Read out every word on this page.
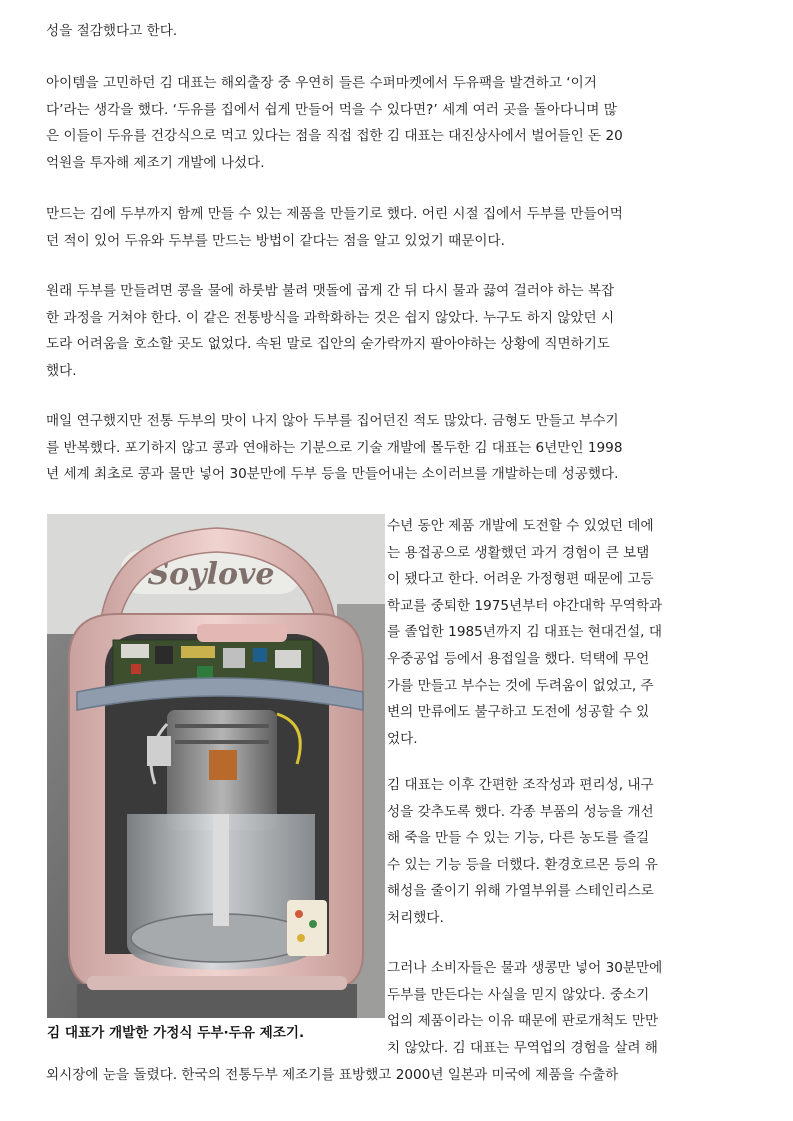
성을 절감했다고 한다.

아이템을 고민하던 김 대표는 해외출장 중 우연히 들른 수퍼마켓에서 두유팩을 발견하고 ‘이거
다’라는 생각을 했다. ‘두유를 집에서 쉽게 만들어 먹을 수 있다면?’ 세계 여러 곳을 돌아다니며 많
은 이들이 두유를 건강식으로 먹고 있다는 점을 직접 접한 김 대표는 대진상사에서 벌어들인 돈 20
억원을 투자해 제조기 개발에 나섰다.

만드는 김에 두부까지 함께 만들 수 있는 제품을 만들기로 했다. 어린 시절 집에서 두부를 만들어먹
던 적이 있어 두유와 두부를 만드는 방법이 같다는 점을 알고 있었기 때문이다.

원래 두부를 만들려면 콩을 물에 하룻밤 불려 맷돌에 곱게 간 뒤 다시 물과 끓여 걸러야 하는 복잡
한 과정을 거쳐야 한다. 이 같은 전통방식을 과학화하는 것은 쉽지 않았다. 누구도 하지 않았던 시
도라 어려움을 호소할 곳도 없었다. 속된 말로 집안의 숟가락까지 팔아야하는 상황에 직면하기도
했다.

매일 연구했지만 전통 두부의 맛이 나지 않아 두부를 집어던진 적도 많았다. 금형도 만들고 부수기
를 반복했다. 포기하지 않고 콩과 연애하는 기분으로 기술 개발에 몰두한 김 대표는 6년만인 1998
년 세계 최초로 콩과 물만 넣어 30분만에 두부 등을 만들어내는 소이러브를 개발하는데 성공했다.

Soylove
김 대표가 개발한 가정식 두부·두유 제조기.
수년 동안 제품 개발에 도전할 수 있었던 데에
는 용접공으로 생활했던 과거 경험이 큰 보탬
이 됐다고 한다. 어려운 가정형편 때문에 고등
학교를 중퇴한 1975년부터 야간대학 무역학과
를 졸업한 1985년까지 김 대표는 현대건설, 대
우중공업 등에서 용접일을 했다. 덕택에 무언
가를 만들고 부수는 것에 두려움이 없었고, 주
변의 만류에도 불구하고 도전에 성공할 수 있
었다.
김 대표는 이후 간편한 조작성과 편리성, 내구
성을 갖추도록 했다. 각종 부품의 성능을 개선
해 죽을 만들 수 있는 기능, 다른 농도를 즐길
수 있는 기능 등을 더했다. 환경호르몬 등의 유
해성을 줄이기 위해 가열부위를 스테인리스로
처리했다.
그러나 소비자들은 물과 생콩만 넣어 30분만에
두부를 만든다는 사실을 믿지 않았다. 중소기
업의 제품이라는 이유 때문에 판로개척도 만만
치 않았다. 김 대표는 무역업의 경험을 살려 해
외시장에 눈을 돌렸다. 한국의 전통두부 제조기를 표방했고 2000년 일본과 미국에 제품을 수출하
